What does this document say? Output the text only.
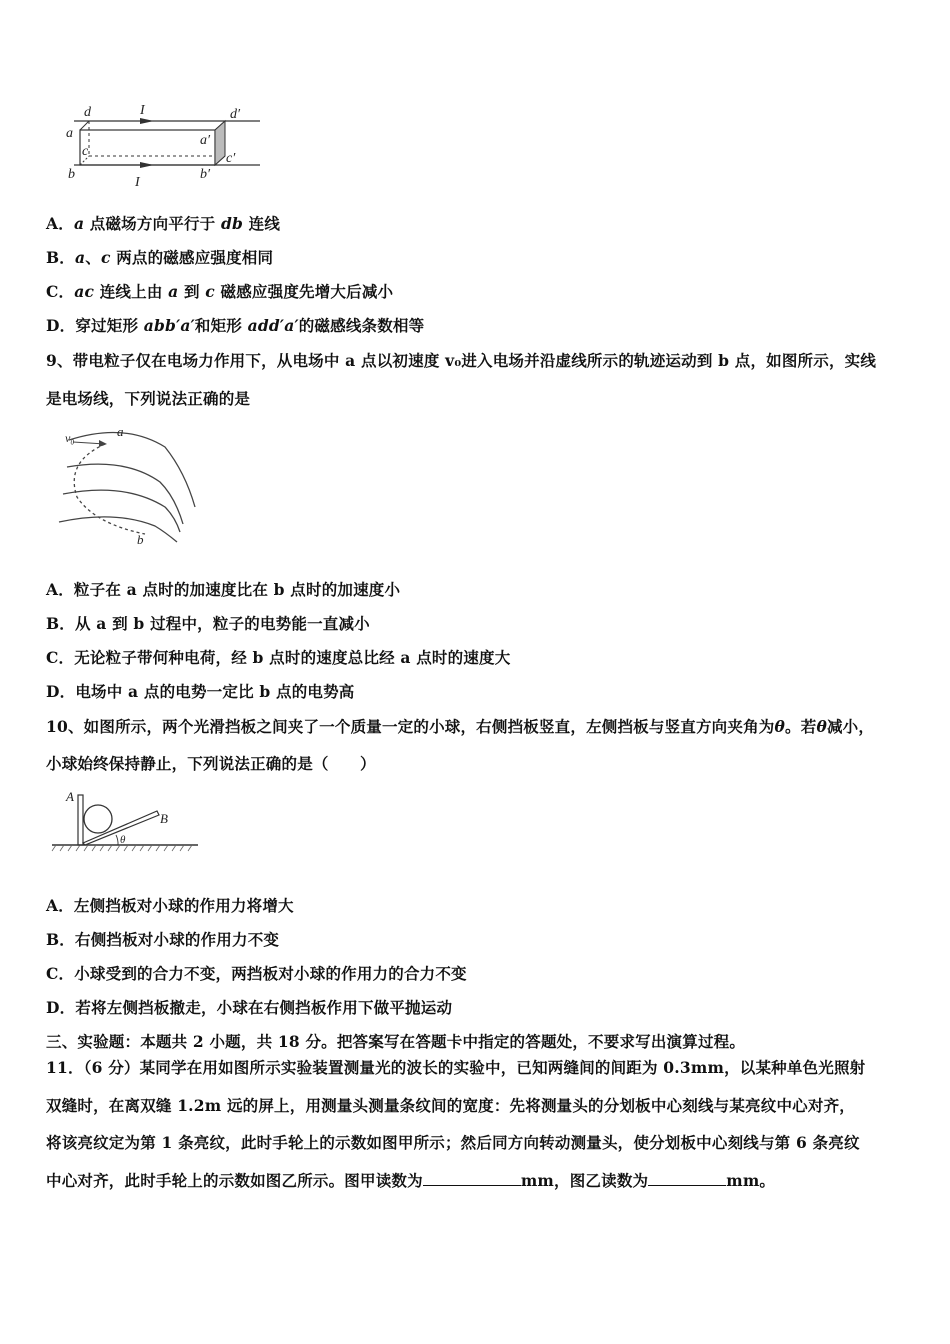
d	I	d′
a	a′
c	c′
b
I
b′
A．a 点磁场方向平行于 db 连线
B．a、c 两点的磁感应强度相同
C．ac 连线上由 a 到 c 磁感应强度先增大后减小
D．穿过矩形 abb′a′和矩形 add′a′的磁感线条数相等
9、带电粒子仅在电场力作用下，从电场中 a 点以初速度 v₀进入电场并沿虚线所示的轨迹运动到 b 点，如图所示，实线
是电场线，下列说法正确的是
v₀	a
b
A．粒子在 a 点时的加速度比在 b 点时的加速度小
B．从 a 到 b 过程中，粒子的电势能一直减小
C．无论粒子带何种电荷，经 b 点时的速度总比经 a 点时的速度大
D．电场中 a 点的电势一定比 b 点的电势高
10、如图所示，两个光滑挡板之间夹了一个质量一定的小球，右侧挡板竖直，左侧挡板与竖直方向夹角为θ。若θ减小，
小球始终保持静止，下列说法正确的是（　　）
A
B
θ
A．左侧挡板对小球的作用力将增大
B．右侧挡板对小球的作用力不变
C．小球受到的合力不变，两挡板对小球的作用力的合力不变
D．若将左侧挡板撤走，小球在右侧挡板作用下做平抛运动
三、实验题：本题共 2 小题，共 18 分。把答案写在答题卡中指定的答题处，不要求写出演算过程。
11．（6 分）某同学在用如图所示实验装置测量光的波长的实验中，已知两缝间的间距为 0.3mm，以某种单色光照射
双缝时，在离双缝 1.2m 远的屏上，用测量头测量条纹间的宽度：先将测量头的分划板中心刻线与某亮纹中心对齐，
将该亮纹定为第 1 条亮纹，此时手轮上的示数如图甲所示；然后同方向转动测量头，使分划板中心刻线与第 6 条亮纹
中心对齐，此时手轮上的示数如图乙所示。图甲读数为	mm，图乙读数为	mm。
